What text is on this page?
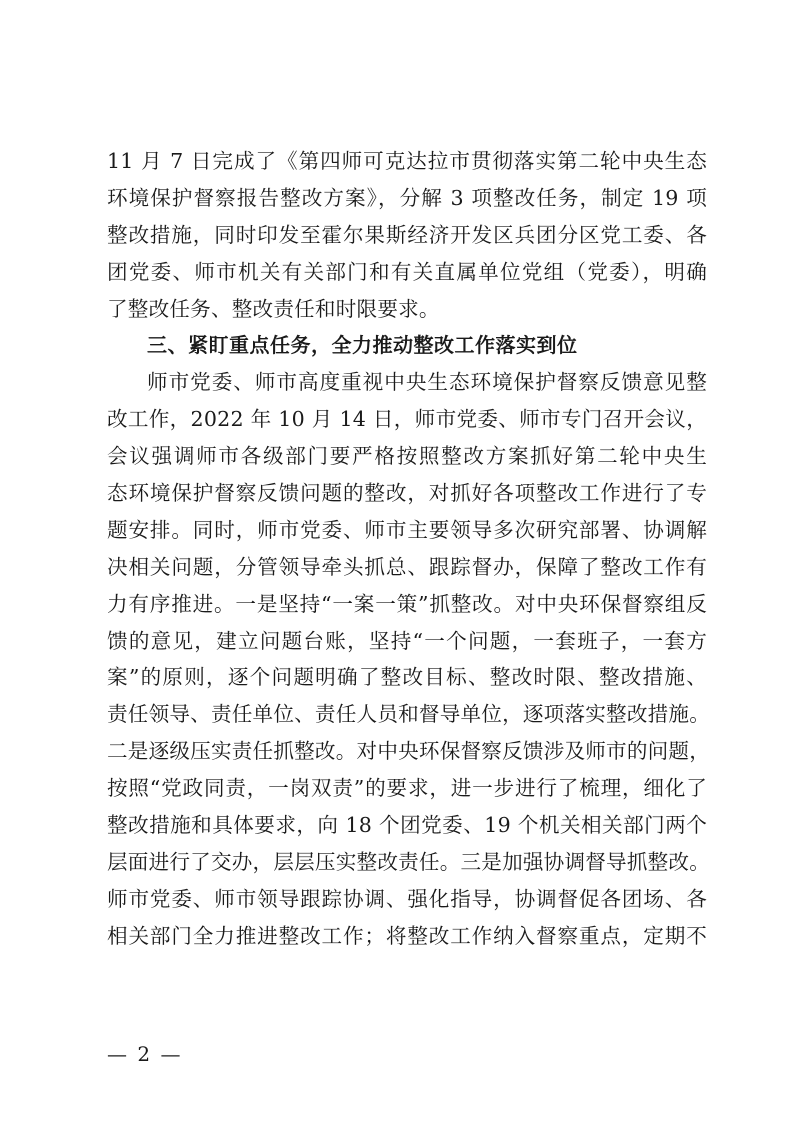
11 月 7 日完成了《第四师可克达拉市贯彻落实第二轮中央生态
环境保护督察报告整改方案》，分解 3 项整改任务，制定 19 项
整改措施，同时印发至霍尔果斯经济开发区兵团分区党工委、各
团党委、师市机关有关部门和有关直属单位党组（党委），明确
了整改任务、整改责任和时限要求。
三、紧盯重点任务，全力推动整改工作落实到位
师市党委、师市高度重视中央生态环境保护督察反馈意见整
改工作，2022 年 10 月 14 日，师市党委、师市专门召开会议，
会议强调师市各级部门要严格按照整改方案抓好第二轮中央生
态环境保护督察反馈问题的整改，对抓好各项整改工作进行了专
题安排。同时，师市党委、师市主要领导多次研究部署、协调解
决相关问题，分管领导牵头抓总、跟踪督办，保障了整改工作有
力有序推进。一是坚持“一案一策”抓整改。对中央环保督察组反
馈的意见，建立问题台账，坚持“一个问题，一套班子，一套方
案”的原则，逐个问题明确了整改目标、整改时限、整改措施、
责任领导、责任单位、责任人员和督导单位，逐项落实整改措施。
二是逐级压实责任抓整改。对中央环保督察反馈涉及师市的问题，
按照“党政同责，一岗双责”的要求，进一步进行了梳理，细化了
整改措施和具体要求，向 18 个团党委、19 个机关相关部门两个
层面进行了交办，层层压实整改责任。三是加强协调督导抓整改。
师市党委、师市领导跟踪协调、强化指导，协调督促各团场、各
相关部门全力推进整改工作；将整改工作纳入督察重点，定期不
— 2 —
